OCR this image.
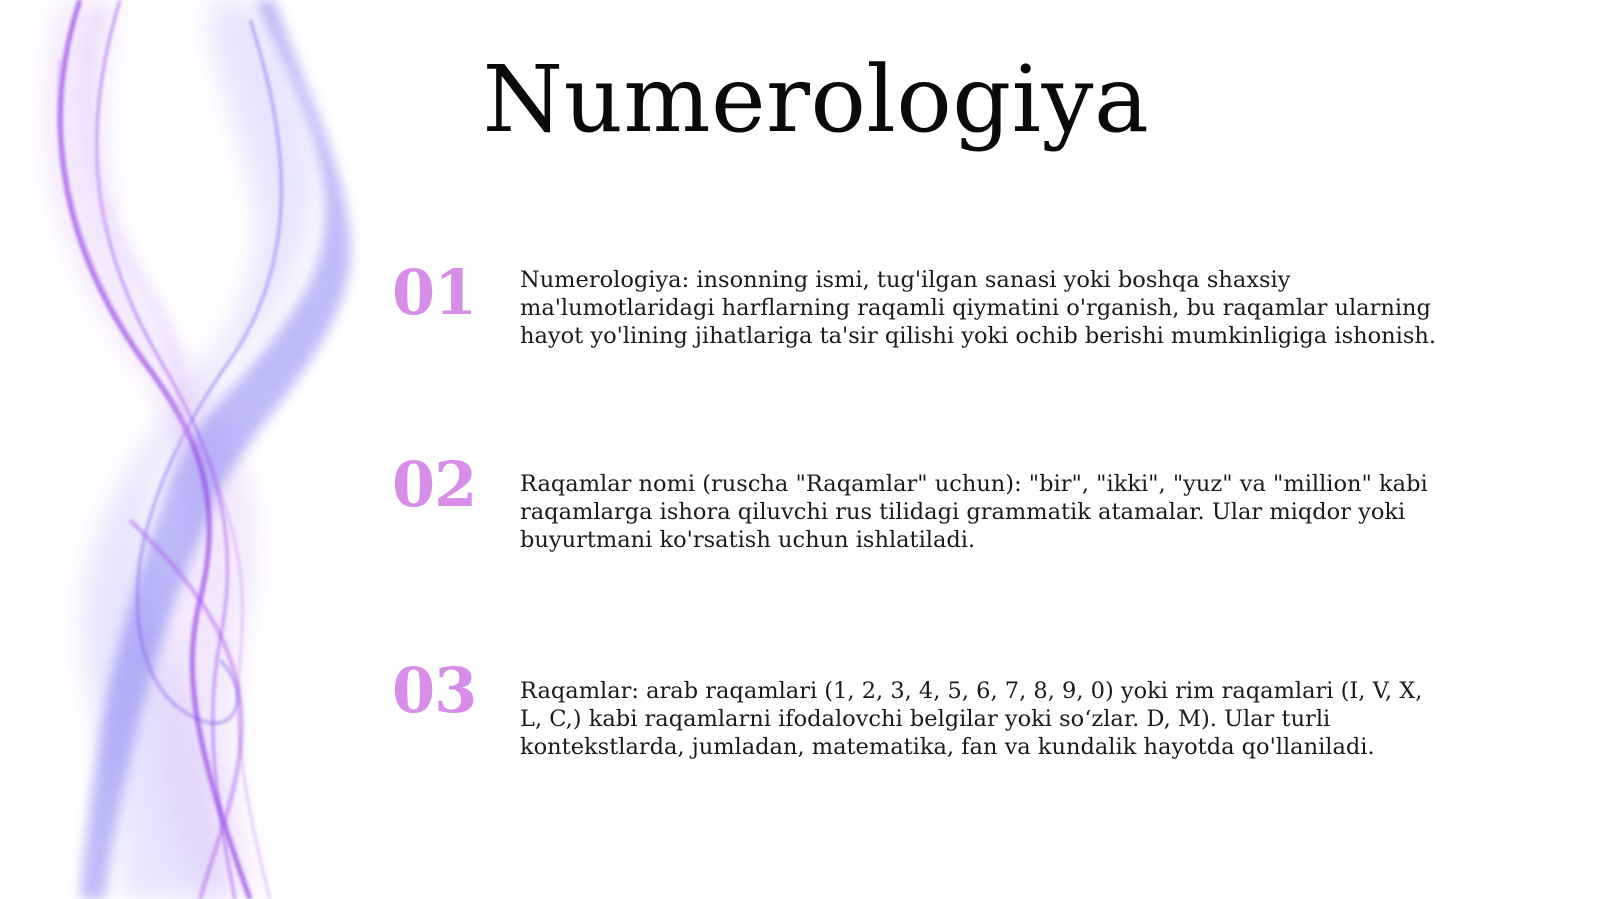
Numerologiya
01	Numerologiya: insonning ismi, tug'ilgan sanasi yoki boshqa shaxsiy ma'lumotlaridagi harflarning raqamli qiymatini o'rganish, bu raqamlar ularning hayot yo'lining jihatlariga ta'sir qilishi yoki ochib berishi mumkinligiga ishonish.

02	Raqamlar nomi (ruscha "Raqamlar" uchun): "bir", "ikki", "yuz" va "million" kabi raqamlarga ishora qiluvchi rus tilidagi grammatik atamalar. Ular miqdor yoki buyurtmani ko'rsatish uchun ishlatiladi.

03	Raqamlar: arab raqamlari (1, 2, 3, 4, 5, 6, 7, 8, 9, 0) yoki rim raqamlari (I, V, X, L, C,) kabi raqamlarni ifodalovchi belgilar yoki so‘zlar. D, M). Ular turli kontekstlarda, jumladan, matematika, fan va kundalik hayotda qo'llaniladi.
